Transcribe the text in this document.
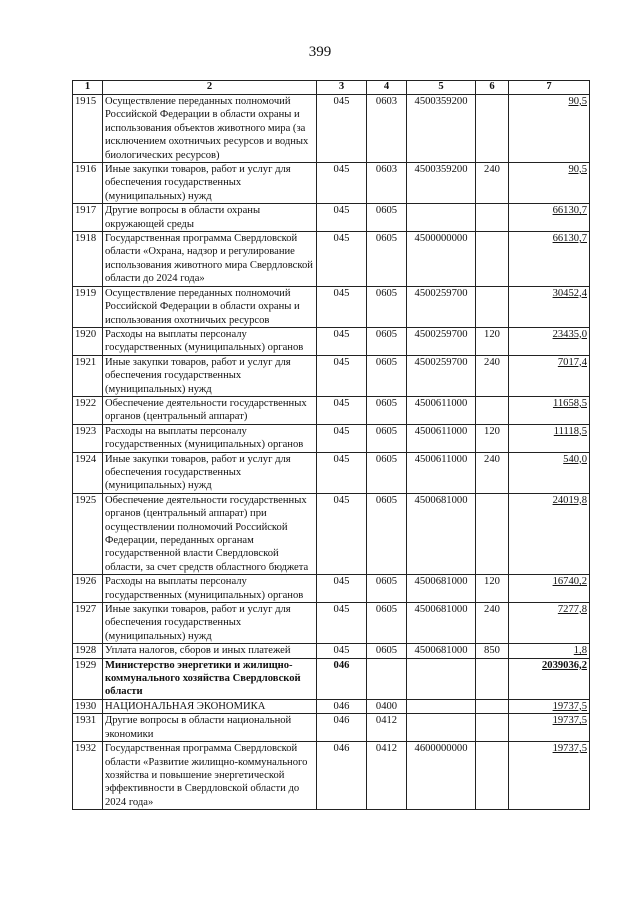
399
1	2	3	4	5	6	7
1915	Осуществление переданных полномочий Российской Федерации в области охраны и использования объектов животного мира (за исключением охотничьих ресурсов и водных биологических ресурсов)	045	0603	4500359200		90,5
1916	Иные закупки товаров, работ и услуг для обеспечения государственных (муниципальных) нужд	045	0603	4500359200	240	90,5
1917	Другие вопросы в области охраны окружающей среды	045	0605			66130,7
1918	Государственная программа Свердловской области «Охрана, надзор и регулирование использования животного мира Свердловской области до 2024 года»	045	0605	4500000000		66130,7
1919	Осуществление переданных полномочий Российской Федерации в области охраны и использования охотничьих ресурсов	045	0605	4500259700		30452,4
1920	Расходы на выплаты персоналу государственных (муниципальных) органов	045	0605	4500259700	120	23435,0
1921	Иные закупки товаров, работ и услуг для обеспечения государственных (муниципальных) нужд	045	0605	4500259700	240	7017,4
1922	Обеспечение деятельности государственных органов (центральный аппарат)	045	0605	4500611000		11658,5
1923	Расходы на выплаты персоналу государственных (муниципальных) органов	045	0605	4500611000	120	11118,5
1924	Иные закупки товаров, работ и услуг для обеспечения государственных (муниципальных) нужд	045	0605	4500611000	240	540,0
1925	Обеспечение деятельности государственных органов (центральный аппарат) при осуществлении полномочий Российской Федерации, переданных органам государственной власти Свердловской области, за счет средств областного бюджета	045	0605	4500681000		24019,8
1926	Расходы на выплаты персоналу государственных (муниципальных) органов	045	0605	4500681000	120	16740,2
1927	Иные закупки товаров, работ и услуг для обеспечения государственных (муниципальных) нужд	045	0605	4500681000	240	7277,8
1928	Уплата налогов, сборов и иных платежей	045	0605	4500681000	850	1,8
1929	Министерство энергетики и жилищно-коммунального хозяйства Свердловской области	046				2039036,2
1930	НАЦИОНАЛЬНАЯ ЭКОНОМИКА	046	0400			19737,5
1931	Другие вопросы в области национальной экономики	046	0412			19737,5
1932	Государственная программа Свердловской области «Развитие жилищно-коммунального хозяйства и повышение энергетической эффективности в Свердловской области до 2024 года»	046	0412	4600000000		19737,5
